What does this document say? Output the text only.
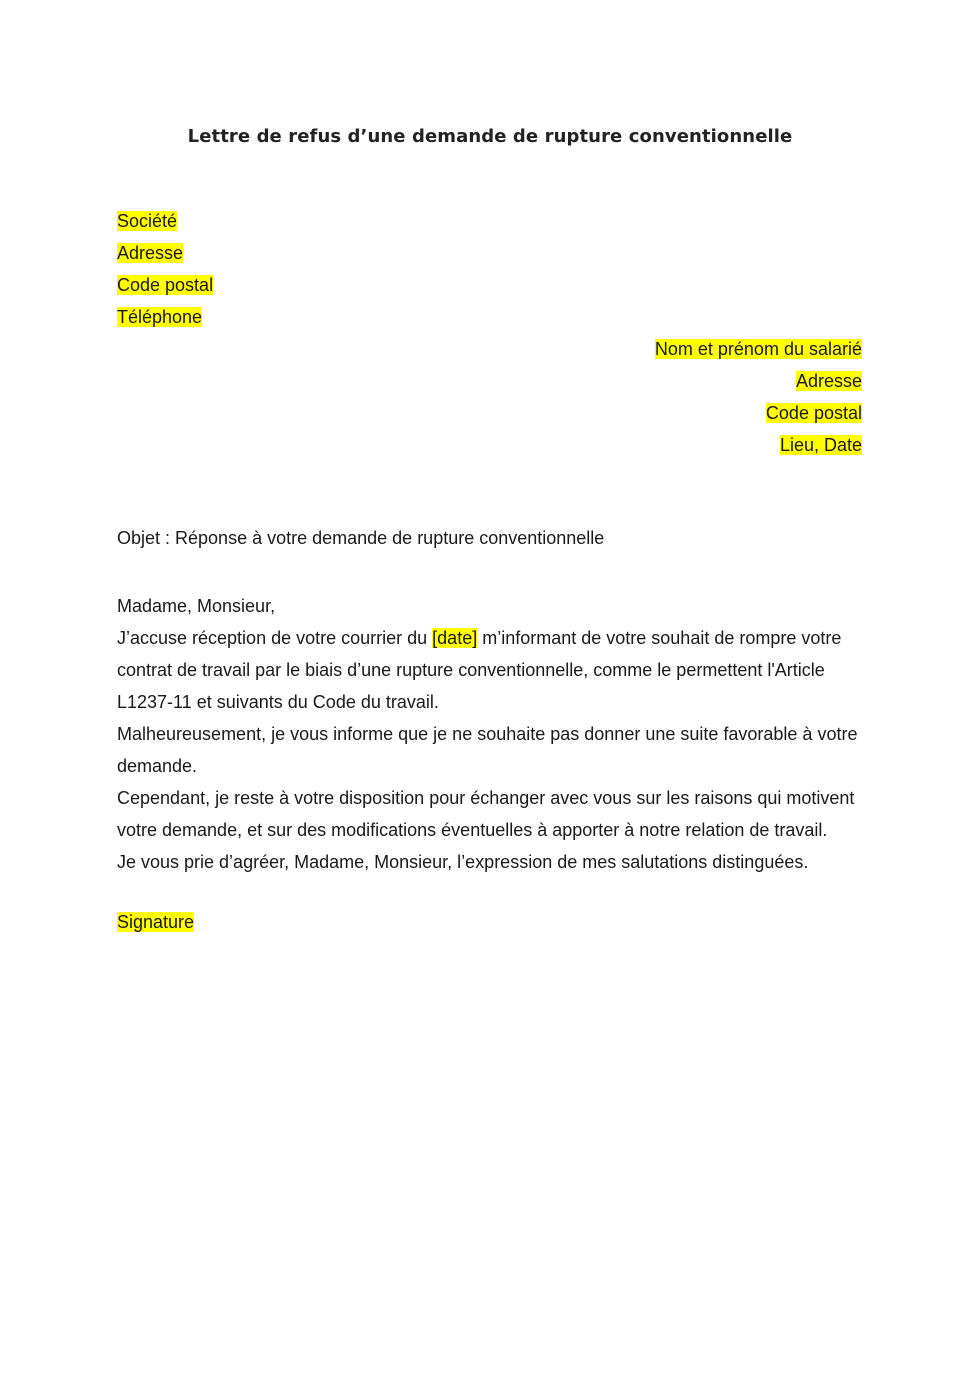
Lettre de refus d’une demande de rupture conventionnelle
Société
Adresse
Code postal
Téléphone
Nom et prénom du salarié
Adresse
Code postal
Lieu, Date
Objet : Réponse à votre demande de rupture conventionnelle
Madame, Monsieur,
J’accuse réception de votre courrier du [date] m’informant de votre souhait de rompre votre
contrat de travail par le biais d’une rupture conventionnelle, comme le permettent l'Article
L1237-11 et suivants du Code du travail.
Malheureusement, je vous informe que je ne souhaite pas donner une suite favorable à votre
demande.
Cependant, je reste à votre disposition pour échanger avec vous sur les raisons qui motivent
votre demande, et sur des modifications éventuelles à apporter à notre relation de travail.
Je vous prie d’agréer, Madame, Monsieur, l’expression de mes salutations distinguées.
Signature
